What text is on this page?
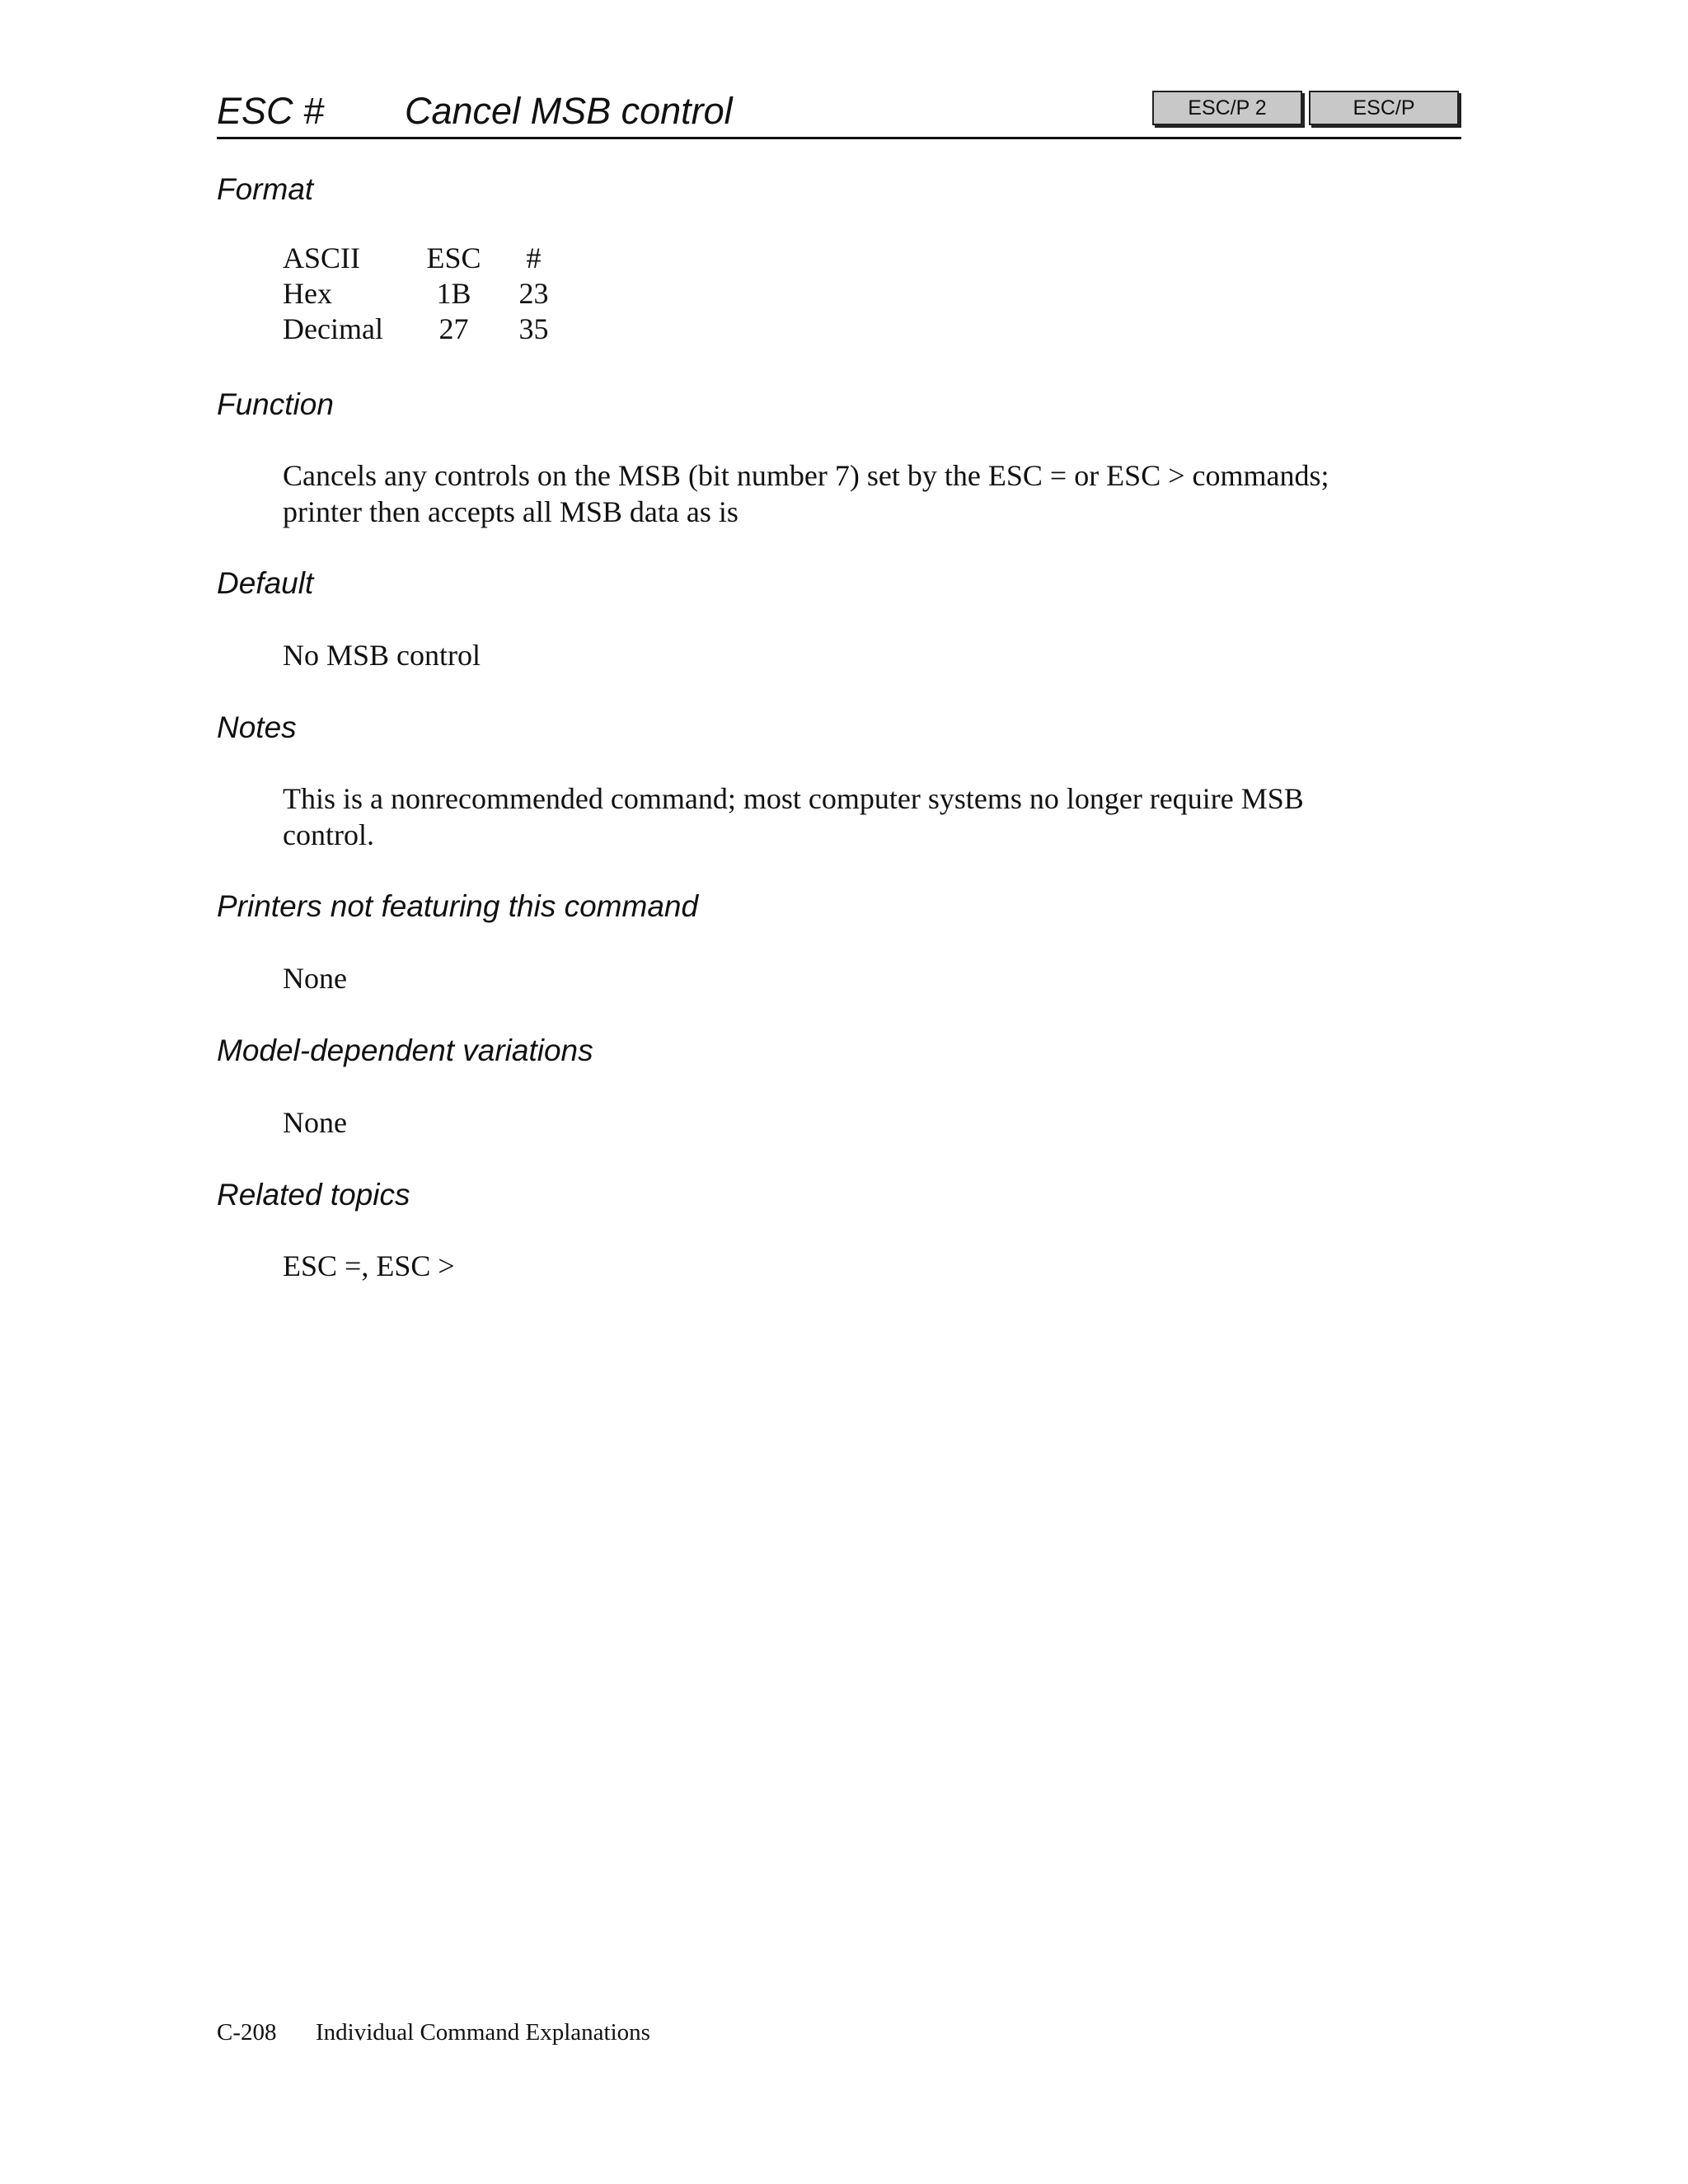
ESC # Cancel MSB control	ESC/P 2	ESC/P
Format
ASCII	ESC	#
Hex	1B	23
Decimal	27	35
Function

Cancels any controls on the MSB (bit number 7) set by the ESC = or ESC > commands;

printer then accepts all MSB data as is

Default

No MSB control

Notes

This is a nonrecommended command; most computer systems no longer require MSB

control.

Printers not featuring this command

None

Model-dependent variations

None

Related topics

ESC =, ESC >

C-208 Individual Command Explanations
